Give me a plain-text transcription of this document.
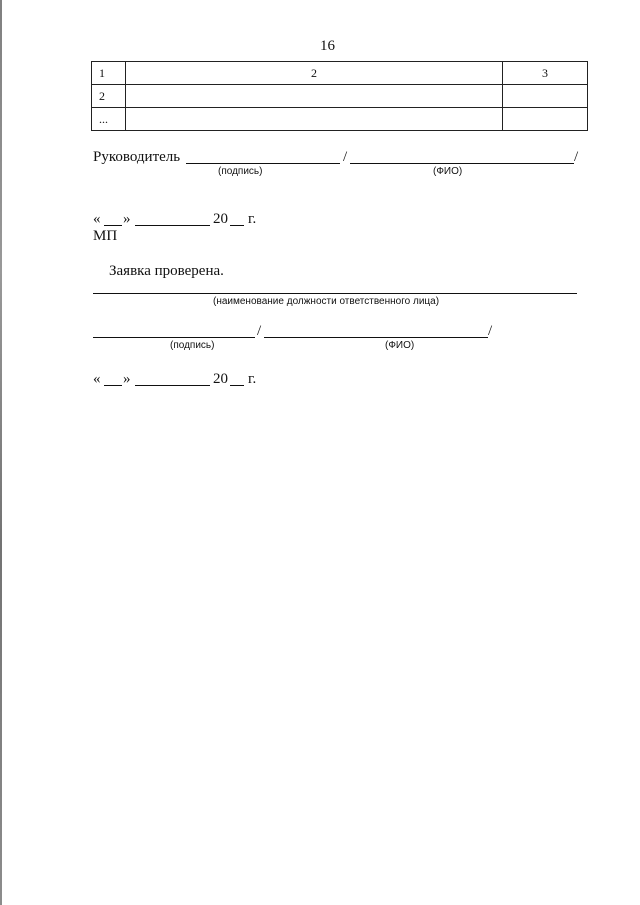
16
1	2	3
2		
...		
Руководитель	/	/
(подпись)	(ФИО)
« »	20 г.
МП
Заявка проверена.
(наименование должности ответственного лица)
/	/
(подпись)	(ФИО)
« »	20 г.
